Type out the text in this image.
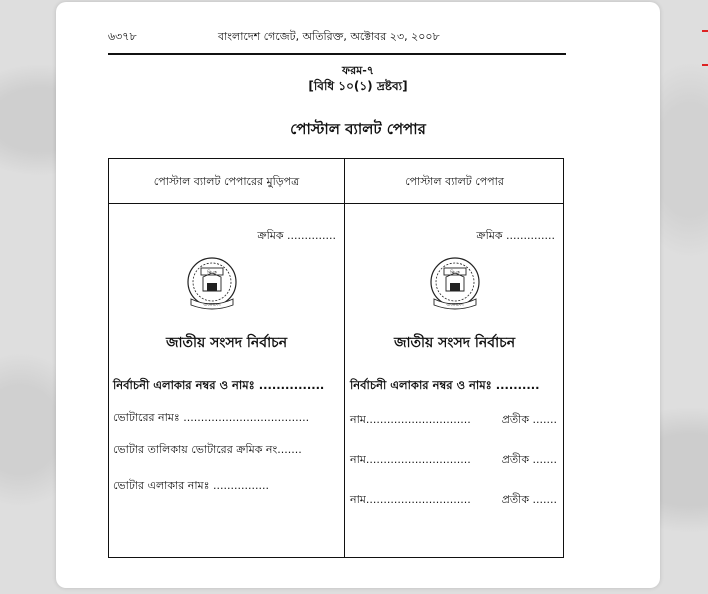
৬৩৭৮	বাংলাদেশ গেজেট, অতিরিক্ত, অক্টোবর ২৩, ২০০৮
ফরম-৭
[বিধি ১০(১) দ্রষ্টব্য]
পোস্টাল ব্যালট পেপার
পোস্টাল ব্যালট পেপারের মুড়িপত্র	পোস্টাল ব্যালট পেপার
ক্রমিক ..............
নি ক
বাংলাদেশ
জাতীয় সংসদ নির্বাচন
নির্বাচনী এলাকার নম্বর ও নামঃ ...............
ভোটারের নামঃ ....................................
ভোটার তালিকায় ভোটারের ক্রমিক নং.......
ভোটার এলাকার নামঃ ................
ক্রমিক ..............
নি ক
বাংলাদেশ
জাতীয় সংসদ নির্বাচন
নির্বাচনী এলাকার নম্বর ও নামঃ ..........
নাম..............................	প্রতীক .......
নাম..............................	প্রতীক .......
নাম..............................	প্রতীক .......
